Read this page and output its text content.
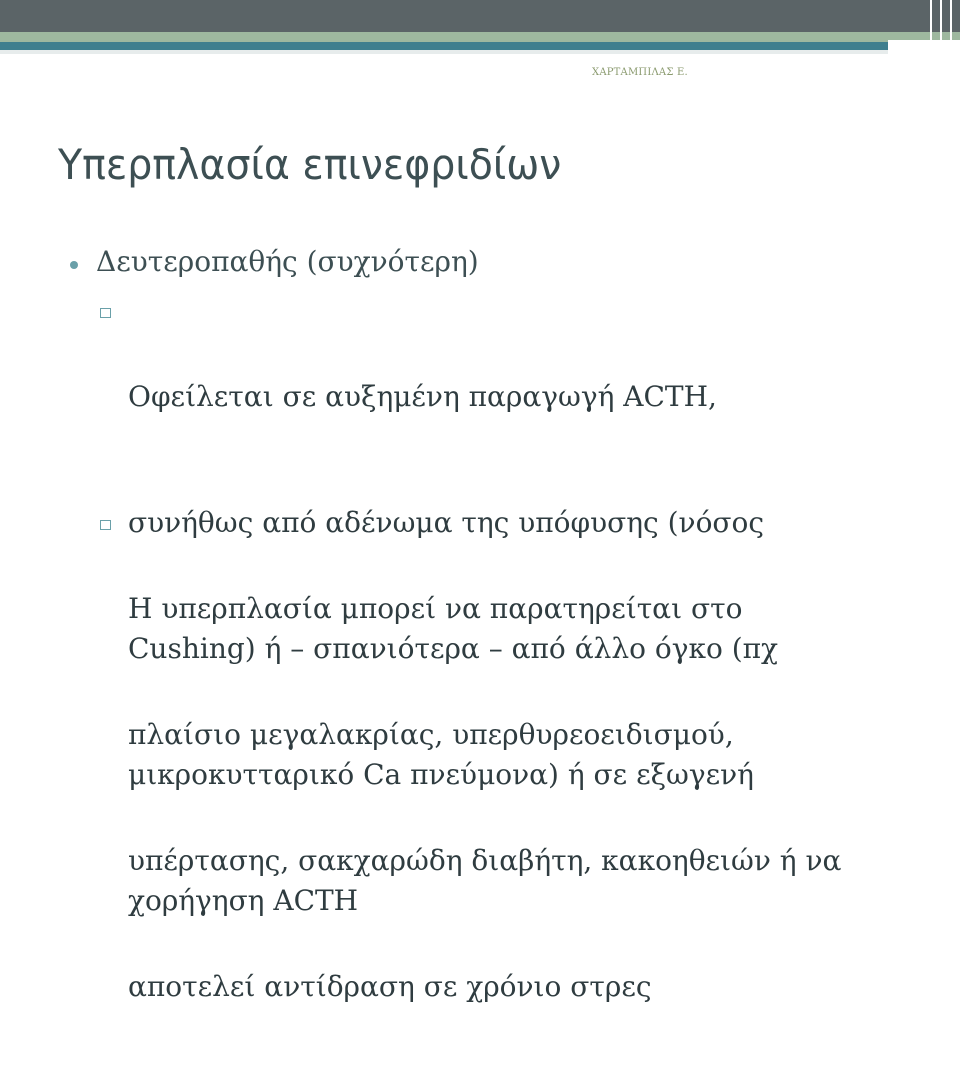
ΧΑΡΤΑΜΠΙΛΑΣ Ε.
Υπερπλασία επινεφριδίων
Δευτεροπαθής (συχνότερη)

Οφείλεται σε αυξημένη παραγωγή ACTH,

συνήθως από αδένωμα της υπόφυσης (νόσος

Cushing) ή – σπανιότερα – από άλλο όγκο (πχ

μικροκυτταρικό Ca πνεύμονα) ή σε εξωγενή

χορήγηση ACTH

Η υπερπλασία μπορεί να παρατηρείται στο

πλαίσιο μεγαλακρίας, υπερθυρεοειδισμού,

υπέρτασης, σακχαρώδη διαβήτη, κακοηθειών ή να

αποτελεί αντίδραση σε χρόνιο στρες
